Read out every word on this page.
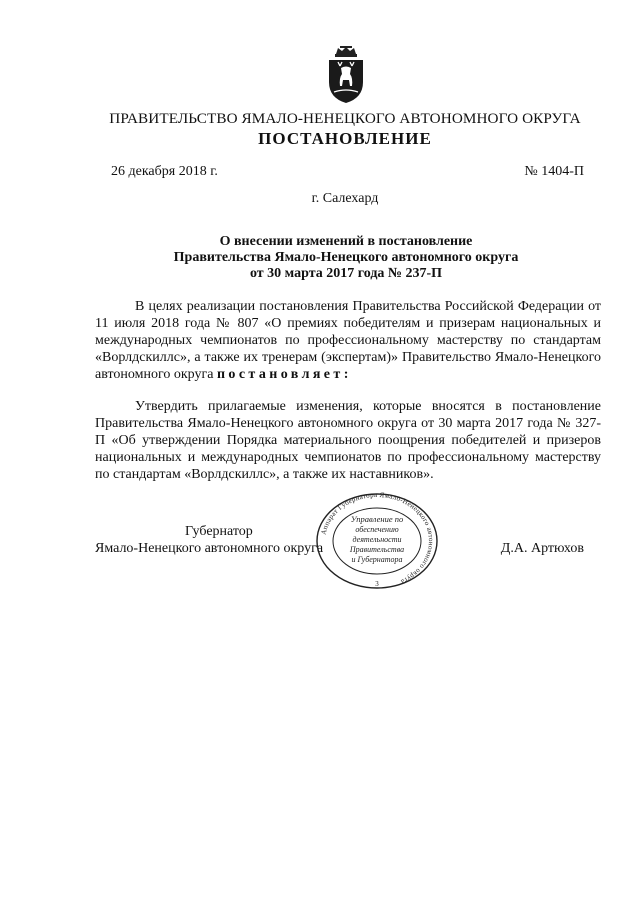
ПРАВИТЕЛЬСТВО ЯМАЛО-НЕНЕЦКОГО АВТОНОМНОГО ОКРУГА
ПОСТАНОВЛЕНИЕ
26 декабря 2018 г.	№ 1404-П
г. Салехард
О внесении изменений в постановление
Правительства Ямало-Ненецкого автономного округа
от 30 марта 2017 года № 237-П
В целях реализации постановления Правительства Российской Федерации от 11 июля 2018 года № 807 «О премиях победителям и призерам национальных и международных чемпионатов по профессиональному мастерству по стандартам «Ворлдскиллс», а также их тренерам (экспертам)» Правительство Ямало-Ненецкого автономного округа постановляет:
Утвердить прилагаемые изменения, которые вносятся в постановление Правительства Ямало-Ненецкого автономного округа от 30 марта 2017 года № 327-П «Об утверждении Порядка материального поощрения победителей и призеров национальных и международных чемпионатов по профессиональному мастерству по стандартам «Ворлдскиллс», а также их наставников».
Губернатор
Ямало-Ненецкого автономного округа	Д.А. Артюхов
Аппарат Губернатора Ямало-Ненецкого автономного округа
Управление по
обеспечению
деятельности
Правительства
и Губернатора
3
